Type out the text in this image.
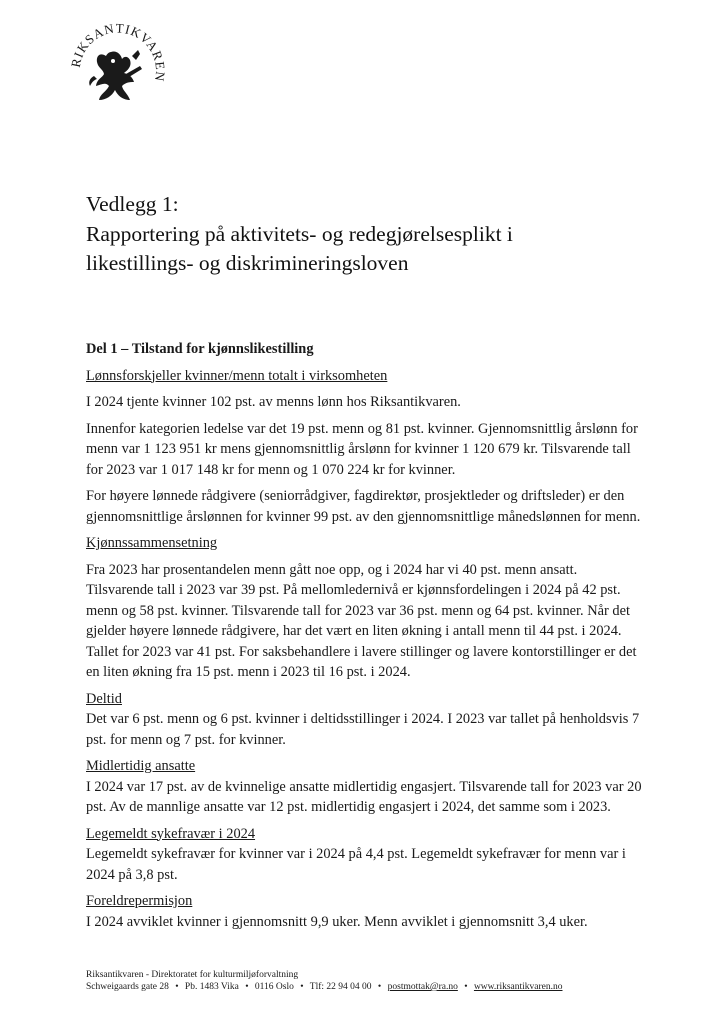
RIKSANTIKVAREN
Vedlegg 1:
Rapportering på aktivitets- og redegjørelsesplikt i
likestillings- og diskrimineringsloven
Del 1 – Tilstand for kjønnslikestilling
Lønnsforskjeller kvinner/menn totalt i virksomheten
I 2024 tjente kvinner 102 pst. av menns lønn hos Riksantikvaren.
Innenfor kategorien ledelse var det 19 pst. menn og 81 pst. kvinner. Gjennomsnittlig årslønn for menn var 1 123 951 kr mens gjennomsnittlig årslønn for kvinner 1 120 679 kr. Tilsvarende tall for 2023 var 1 017 148 kr for menn og 1 070 224 kr for kvinner.
For høyere lønnede rådgivere (seniorrådgiver, fagdirektør, prosjektleder og driftsleder) er den gjennomsnittlige årslønnen for kvinner 99 pst. av den gjennomsnittlige månedslønnen for menn.
Kjønnssammensetning
Fra 2023 har prosentandelen menn gått noe opp, og i 2024 har vi 40 pst. menn ansatt. Tilsvarende tall i 2023 var 39 pst. På mellomledernivå er kjønnsfordelingen i 2024 på 42 pst. menn og 58 pst. kvinner. Tilsvarende tall for 2023 var 36 pst. menn og 64 pst. kvinner. Når det gjelder høyere lønnede rådgivere, har det vært en liten økning i antall menn til 44 pst. i 2024. Tallet for 2023 var 41 pst. For saksbehandlere i lavere stillinger og lavere kontorstillinger er det en liten økning fra 15 pst. menn i 2023 til 16 pst. i 2024.
Deltid
Det var 6 pst. menn og 6 pst. kvinner i deltidsstillinger i 2024. I 2023 var tallet på henholdsvis 7 pst. for menn og 7 pst. for kvinner.
Midlertidig ansatte
I 2024 var 17 pst. av de kvinnelige ansatte midlertidig engasjert. Tilsvarende tall for 2023 var 20 pst. Av de mannlige ansatte var 12 pst. midlertidig engasjert i 2024, det samme som i 2023.
Legemeldt sykefravær i 2024
Legemeldt sykefravær for kvinner var i 2024 på 4,4 pst. Legemeldt sykefravær for menn var i 2024 på 3,8 pst.
Foreldrepermisjon
I 2024 avviklet kvinner i gjennomsnitt 9,9 uker. Menn avviklet i gjennomsnitt 3,4 uker.
Riksantikvaren - Direktoratet for kulturmiljøforvaltning
Schweigaards gate 28 • Pb. 1483 Vika • 0116 Oslo • Tlf: 22 94 04 00 • postmottak@ra.no • www.riksantikvaren.no
